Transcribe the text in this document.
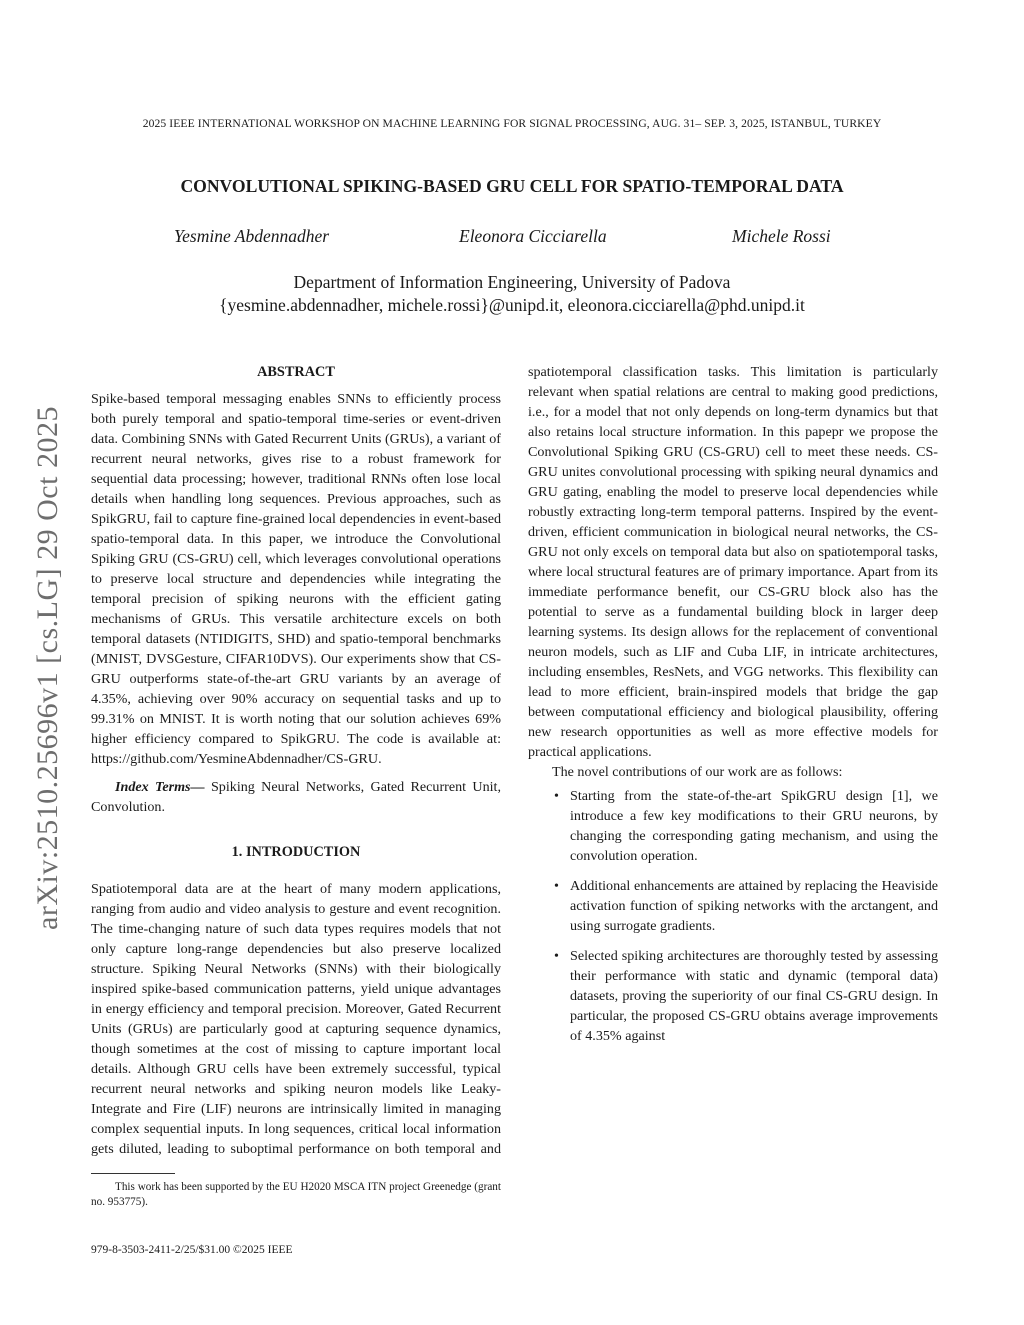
2025 IEEE INTERNATIONAL WORKSHOP ON MACHINE LEARNING FOR SIGNAL PROCESSING, AUG. 31– SEP. 3, 2025, ISTANBUL, TURKEY
CONVOLUTIONAL SPIKING-BASED GRU CELL FOR SPATIO-TEMPORAL DATA
Yesmine Abdennadher	Eleonora Cicciarella	Michele Rossi
Department of Information Engineering, University of Padova
{yesmine.abdennadher, michele.rossi}@unipd.it, eleonora.cicciarella@phd.unipd.it
arXiv:2510.25696v1 [cs.LG] 29 Oct 2025
ABSTRACT

Spike-based temporal messaging enables SNNs to efficiently process both purely temporal and spatio-temporal time-series or event-driven data. Combining SNNs with Gated Recurrent Units (GRUs), a variant of recurrent neural networks, gives rise to a robust framework for sequential data processing; however, traditional RNNs often lose local details when handling long sequences. Previous approaches, such as SpikGRU, fail to capture fine-grained local dependencies in event-based spatio-temporal data. In this paper, we introduce the Convolutional Spiking GRU (CS-GRU) cell, which leverages convolutional operations to preserve local structure and dependencies while integrating the temporal precision of spiking neurons with the efficient gating mechanisms of GRUs. This versatile architecture excels on both temporal datasets (NTIDIGITS, SHD) and spatio-temporal benchmarks (MNIST, DVSGesture, CIFAR10DVS). Our experiments show that CS-GRU outperforms state-of-the-art GRU variants by an average of 4.35%, achieving over 90% accuracy on sequential tasks and up to 99.31% on MNIST. It is worth noting that our solution achieves 69% higher efficiency compared to SpikGRU. The code is available at: https://github.com/YesmineAbdennadher/CS-GRU.

Index Terms— Spiking Neural Networks, Gated Recurrent Unit, Convolution.

1. INTRODUCTION

Spatiotemporal data are at the heart of many modern applications, ranging from audio and video analysis to gesture and event recognition. The time-changing nature of such data types requires models that not only capture long-range dependencies but also preserve localized structure. Spiking Neural Networks (SNNs) with their biologically inspired spike-based communication patterns, yield unique advantages in energy efficiency and temporal precision. Moreover, Gated Recurrent Units (GRUs) are particularly good at capturing sequence dynamics, though sometimes at the cost of missing to capture important local details. Although GRU cells have been extremely successful, typical recurrent neural networks and spiking neuron models like Leaky-Integrate and Fire (LIF) neurons are intrinsically limited in managing complex sequential inputs. In long sequences, critical local information gets diluted, leading to suboptimal performance on both temporal and

spatiotemporal classification tasks. This limitation is particularly relevant when spatial relations are central to making good predictions, i.e., for a model that not only depends on long-term dynamics but that also retains local structure information. In this papepr we propose the Convolutional Spiking GRU (CS-GRU) cell to meet these needs. CS-GRU unites convolutional processing with spiking neural dynamics and GRU gating, enabling the model to preserve local dependencies while robustly extracting long-term temporal patterns. Inspired by the event-driven, efficient communication in biological neural networks, the CS-GRU not only excels on temporal data but also on spatiotemporal tasks, where local structural features are of primary importance. Apart from its immediate performance benefit, our CS-GRU block also has the potential to serve as a fundamental building block in larger deep learning systems. Its design allows for the replacement of conventional neuron models, such as LIF and Cuba LIF, in intricate architectures, including ensembles, ResNets, and VGG networks. This flexibility can lead to more efficient, brain-inspired models that bridge the gap between computational efficiency and biological plausibility, offering new research opportunities as well as more effective models for practical applications.

The novel contributions of our work are as follows:

• Starting from the state-of-the-art SpikGRU design [1], we introduce a few key modifications to their GRU neurons, by changing the corresponding gating mechanism, and using the convolution operation.
• Additional enhancements are attained by replacing the Heaviside activation function of spiking networks with the arctangent, and using surrogate gradients.
• Selected spiking architectures are thoroughly tested by assessing their performance with static and dynamic (temporal data) datasets, proving the superiority of our final CS-GRU design. In particular, the proposed CS-GRU obtains average improvements of 4.35% against

This work has been supported by the EU H2020 MSCA ITN project Greenedge (grant no. 953775).

979-8-3503-2411-2/25/$31.00 ©2025 IEEE
